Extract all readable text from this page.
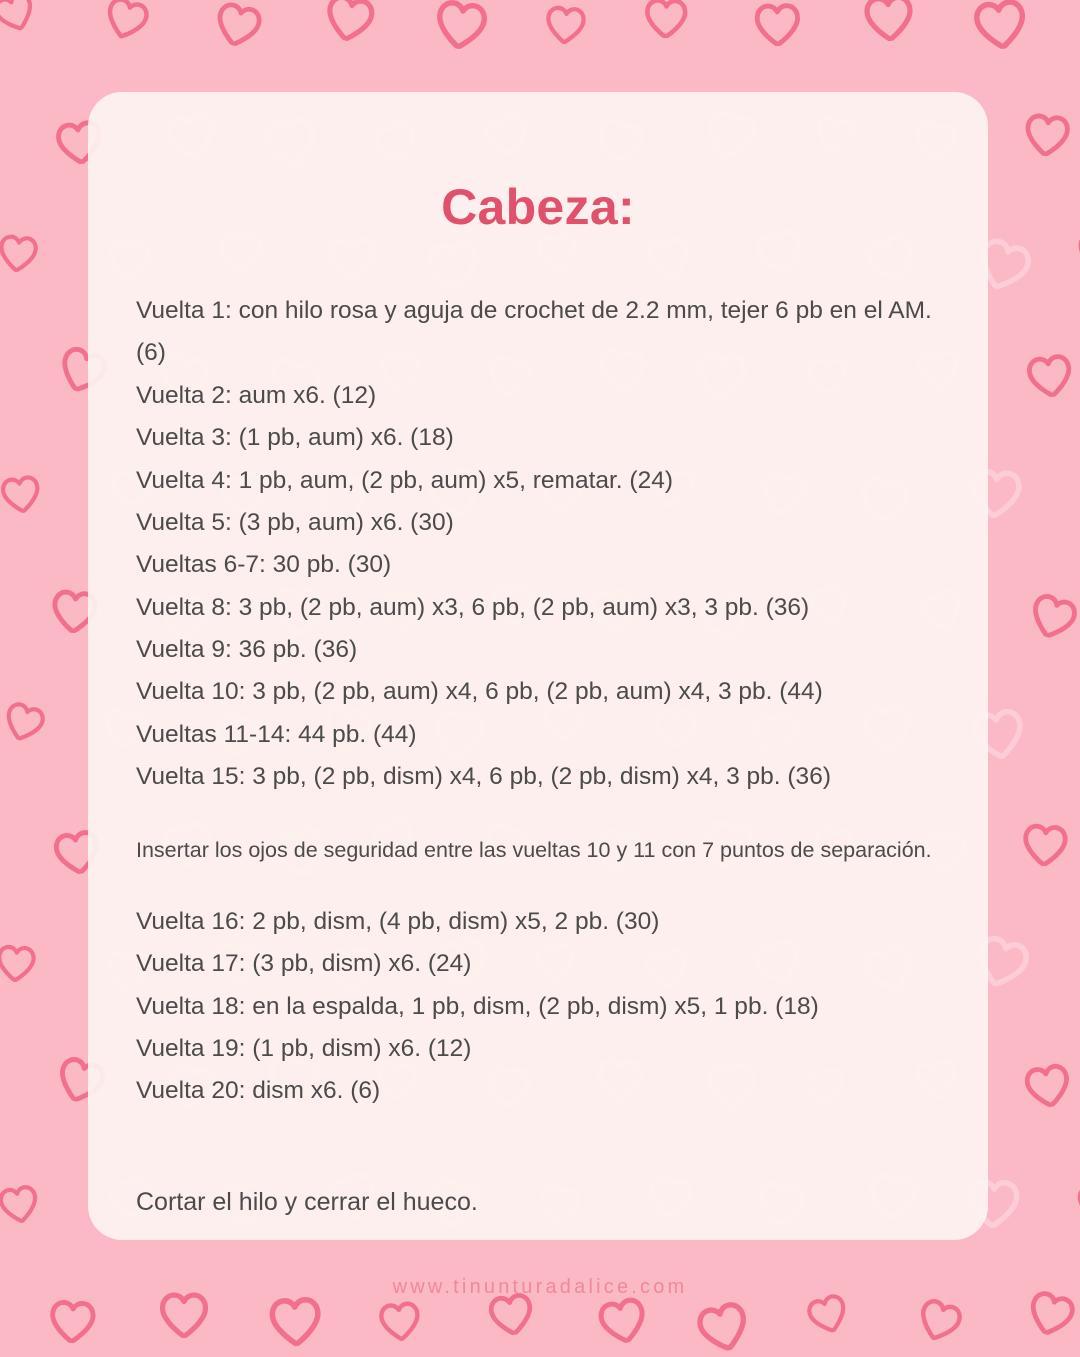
Cabeza:
Vuelta 1: con hilo rosa y aguja de crochet de 2.2 mm, tejer 6 pb en el AM. (6)
Vuelta 2: aum x6. (12)
Vuelta 3: (1 pb, aum) x6. (18)
Vuelta 4: 1 pb, aum, (2 pb, aum) x5, rematar. (24)
Vuelta 5: (3 pb, aum) x6. (30)
Vueltas 6-7: 30 pb. (30)
Vuelta 8: 3 pb, (2 pb, aum) x3, 6 pb, (2 pb, aum) x3, 3 pb. (36)
Vuelta 9: 36 pb. (36)
Vuelta 10: 3 pb, (2 pb, aum) x4, 6 pb, (2 pb, aum) x4, 3 pb. (44)
Vueltas 11-14: 44 pb. (44)
Vuelta 15: 3 pb, (2 pb, dism) x4, 6 pb, (2 pb, dism) x4, 3 pb. (36)
Insertar los ojos de seguridad entre las vueltas 10 y 11 con 7 puntos de separación.
Vuelta 16: 2 pb, dism, (4 pb, dism) x5, 2 pb. (30)
Vuelta 17: (3 pb, dism) x6. (24)
Vuelta 18: en la espalda, 1 pb, dism, (2 pb, dism) x5, 1 pb. (18)
Vuelta 19: (1 pb, dism) x6. (12)
Vuelta 20: dism x6. (6)
Cortar el hilo y cerrar el hueco.
www.tinunturadalice.com
